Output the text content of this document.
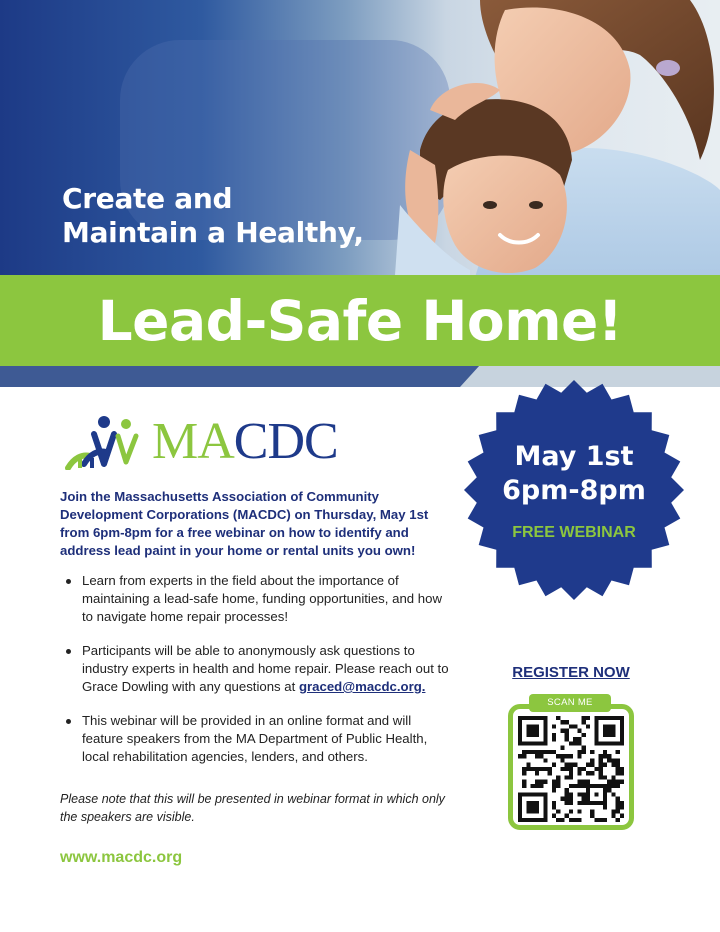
Create and
Maintain a Healthy,
Lead-Safe Home!
MACDC

Join the Massachusetts Association of Community Development Corporations (MACDC) on Thursday, May 1st from 6pm-8pm for a free webinar on how to identify and address lead paint in your home or rental units you own!

Learn from experts in the field about the importance of maintaining a lead-safe home, funding opportunities, and how to navigate home repair processes!
Participants will be able to anonymously ask questions to industry experts in health and home repair. Please reach out to Grace Dowling with any questions at graced@macdc.org.
This webinar will be provided in an online format and will feature speakers from the MA Department of Public Health, local rehabilitation agencies, lenders, and others.

Please note that this will be presented in webinar format in which only the speakers are visible.

www.macdc.org
May 1st
6pm-8pm
FREE WEBINAR
REGISTER NOW
SCAN ME
